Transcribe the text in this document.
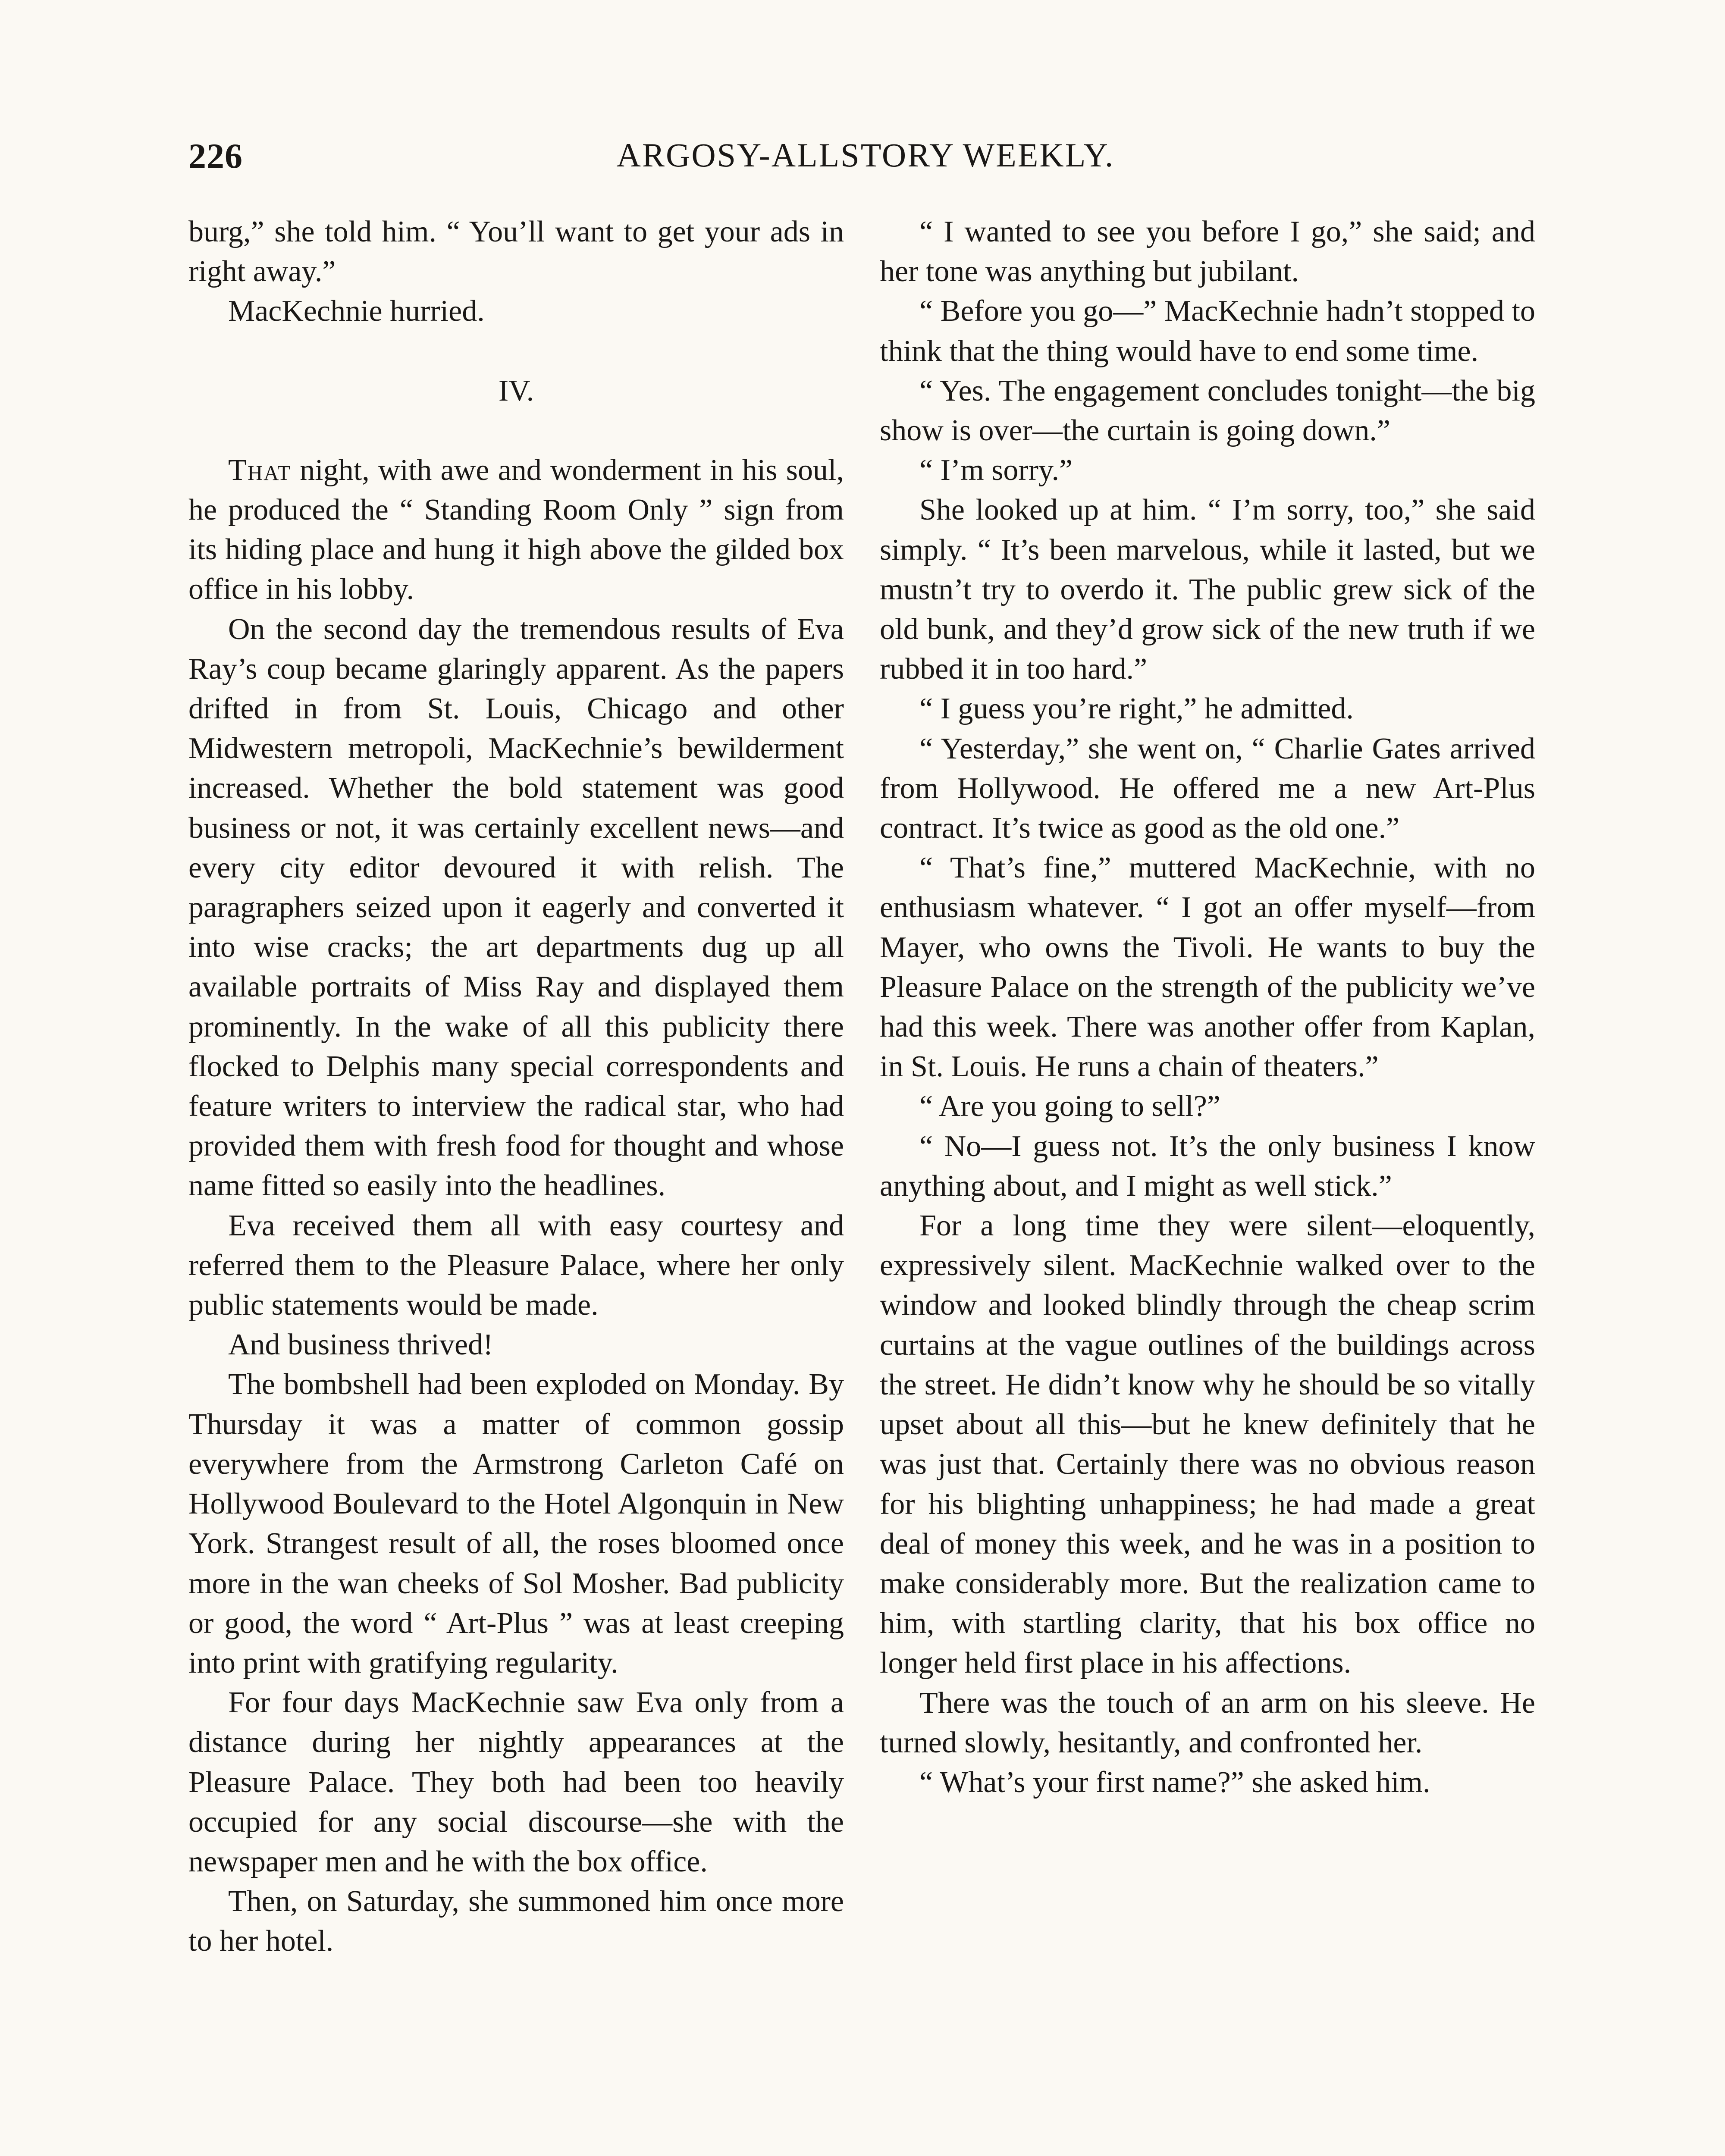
226	ARGOSY-ALLSTORY WEEKLY.

burg,” she told him. “ You’ll want to get your ads in right away.”

MacKechnie hurried.

IV.

That night, with awe and wonderment in his soul, he produced the “ Standing Room Only ” sign from its hiding place and hung it high above the gilded box office in his lobby.

On the second day the tremendous results of Eva Ray’s coup became glaringly apparent. As the papers drifted in from St. Louis, Chicago and other Midwestern metropoli, MacKechnie’s bewilderment increased. Whether the bold statement was good business or not, it was certainly excellent news—and every city editor devoured it with relish. The paragraphers seized upon it eagerly and converted it into wise cracks; the art departments dug up all available portraits of Miss Ray and displayed them prominently. In the wake of all this publicity there flocked to Delphis many special correspondents and feature writers to interview the radical star, who had provided them with fresh food for thought and whose name fitted so easily into the headlines.

Eva received them all with easy courtesy and referred them to the Pleasure Palace, where her only public statements would be made.

And business thrived!

The bombshell had been exploded on Monday. By Thursday it was a matter of common gossip everywhere from the Armstrong Carleton Café on Hollywood Boulevard to the Hotel Algonquin in New York. Strangest result of all, the roses bloomed once more in the wan cheeks of Sol Mosher. Bad publicity or good, the word “ Art-Plus ” was at least creeping into print with gratifying regularity.

For four days MacKechnie saw Eva only from a distance during her nightly appearances at the Pleasure Palace. They both had been too heavily occupied for any social discourse—she with the newspaper men and he with the box office.

Then, on Saturday, she summoned him once more to her hotel.

“ I wanted to see you before I go,” she said; and her tone was anything but jubilant.

“ Before you go—” MacKechnie hadn’t stopped to think that the thing would have to end some time.

“ Yes. The engagement concludes tonight—the big show is over—the curtain is going down.”

“ I’m sorry.”

She looked up at him. “ I’m sorry, too,” she said simply. “ It’s been marvelous, while it lasted, but we mustn’t try to overdo it. The public grew sick of the old bunk, and they’d grow sick of the new truth if we rubbed it in too hard.”

“ I guess you’re right,” he admitted.

“ Yesterday,” she went on, “ Charlie Gates arrived from Hollywood. He offered me a new Art-Plus contract. It’s twice as good as the old one.”

“ That’s fine,” muttered MacKechnie, with no enthusiasm whatever. “ I got an offer myself—from Mayer, who owns the Tivoli. He wants to buy the Pleasure Palace on the strength of the publicity we’ve had this week. There was another offer from Kaplan, in St. Louis. He runs a chain of theaters.”

“ Are you going to sell?”

“ No—I guess not. It’s the only business I know anything about, and I might as well stick.”

For a long time they were silent—eloquently, expressively silent. MacKechnie walked over to the window and looked blindly through the cheap scrim curtains at the vague outlines of the buildings across the street. He didn’t know why he should be so vitally upset about all this—but he knew definitely that he was just that. Certainly there was no obvious reason for his blighting unhappiness; he had made a great deal of money this week, and he was in a position to make considerably more. But the realization came to him, with startling clarity, that his box office no longer held first place in his affections.

There was the touch of an arm on his sleeve. He turned slowly, hesitantly, and confronted her.

“ What’s your first name?” she asked him.
